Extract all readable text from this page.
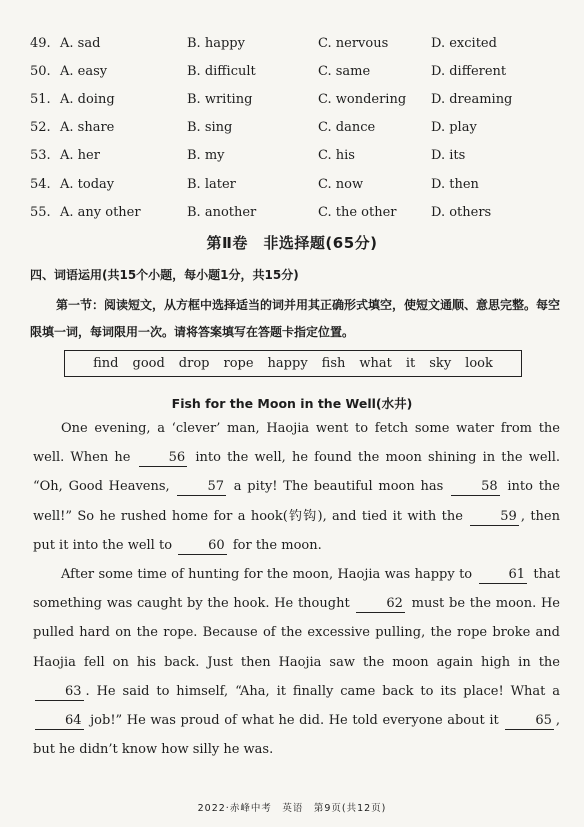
49. A. sad	B. happy	C. nervous	D. excited
50. A. easy	B. difficult	C. same	D. different
51. A. doing	B. writing	C. wondering	D. dreaming
52. A. share	B. sing	C. dance	D. play
53. A. her	B. my	C. his	D. its
54. A. today	B. later	C. now	D. then
55. A. any other	B. another	C. the other	D. others
第Ⅱ卷　非选择题(65分)
四、词语运用(共15个小题，每小题1分，共15分)
第一节：阅读短文，从方框中选择适当的词并用其正确形式填空，使短文通顺、意思完整。每空限填一词，每词限用一次。请将答案填写在答题卡指定位置。
find good drop rope happy fish what it sky look
Fish for the Moon in the Well(水井)

One evening, a ‘clever’ man, Haojia went to fetch some water from the well. When he 56 into the well, he found the moon shining in the well. “Oh, Good Heavens, 57 a pity! The beautiful moon has 58 into the well!” So he rushed home for a hook(钓钩), and tied it with the 59 , then put it into the well to 60 for the moon.

After some time of hunting for the moon, Haojia was happy to 61 that something was caught by the hook. He thought 62 must be the moon. He pulled hard on the rope. Because of the excessive pulling, the rope broke and Haojia fell on his back. Just then Haojia saw the moon again high in the 63 . He said to himself, “Aha, it finally came back to its place! What a 64 job!” He was proud of what he did. He told everyone about it 65 , but he didn’t know how silly he was.

2022·赤峰中考　英语　第9页(共12页)
